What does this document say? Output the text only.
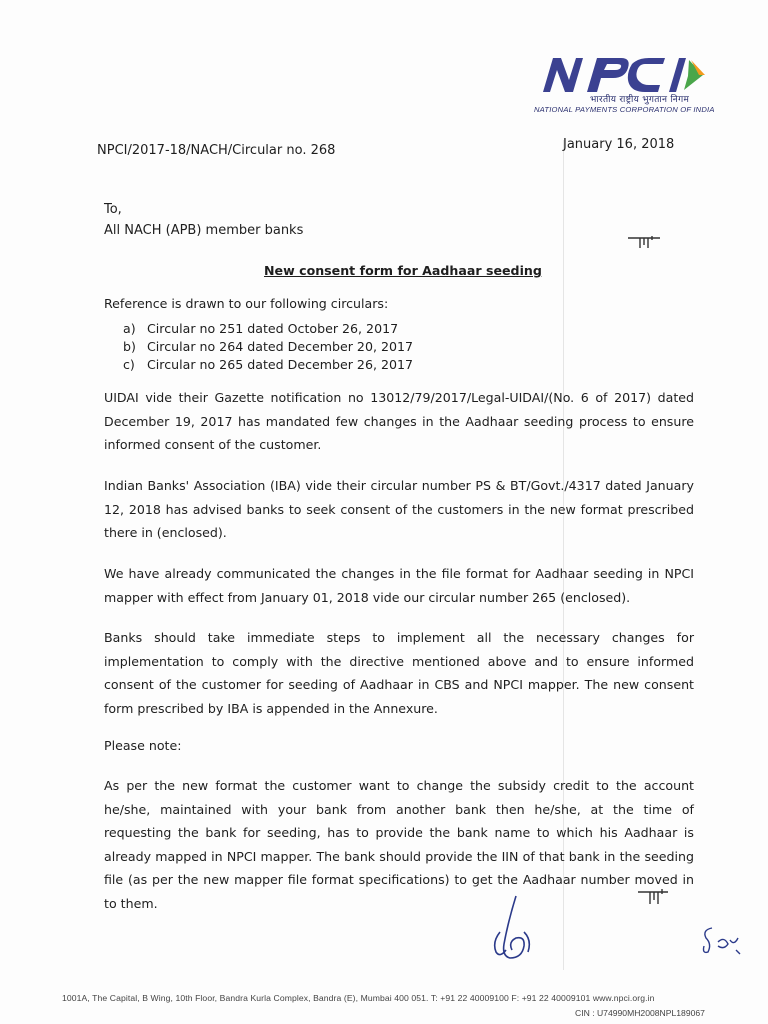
भारतीय राष्ट्रीय भुगतान निगम
NATIONAL PAYMENTS CORPORATION OF INDIA
NPCI/2017-18/NACH/Circular no. 268	January 16, 2018
To,
All NACH (APB) member banks
New consent form for Aadhaar seeding
Reference is drawn to our following circulars:
a) Circular no 251 dated October 26, 2017
b) Circular no 264 dated December 20, 2017
c) Circular no 265 dated December 26, 2017
UIDAI vide their Gazette notification no 13012/79/2017/Legal-UIDAI/(No. 6 of 2017) dated
December 19, 2017 has mandated few changes in the Aadhaar seeding process to ensure
informed consent of the customer.
Indian Banks' Association (IBA) vide their circular number PS & BT/Govt./4317 dated January
12, 2018 has advised banks to seek consent of the customers in the new format prescribed
there in (enclosed).
We have already communicated the changes in the file format for Aadhaar seeding in NPCI
mapper with effect from January 01, 2018 vide our circular number 265 (enclosed).
Banks should take immediate steps to implement all the necessary changes for
implementation to comply with the directive mentioned above and to ensure informed
consent of the customer for seeding of Aadhaar in CBS and NPCI mapper. The new consent
form prescribed by IBA is appended in the Annexure.
Please note:
As per the new format the customer want to change the subsidy credit to the account
he/she, maintained with your bank from another bank then he/she, at the time of
requesting the bank for seeding, has to provide the bank name to which his Aadhaar is
already mapped in NPCI mapper. The bank should provide the IIN of that bank in the seeding
file (as per the new mapper file format specifications) to get the Aadhaar number moved in
to them.
1001A, The Capital, B Wing, 10th Floor, Bandra Kurla Complex, Bandra (E), Mumbai 400 051. T: +91 22 40009100 F: +91 22 40009101 www.npci.org.in
CIN : U74990MH2008NPL189067
